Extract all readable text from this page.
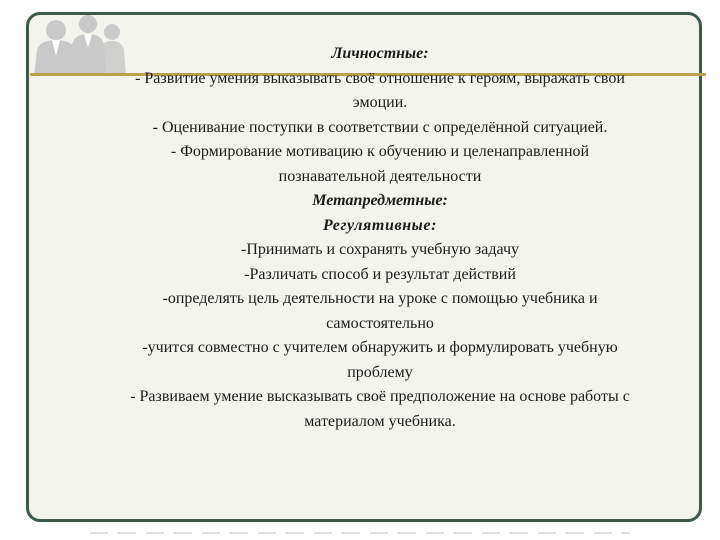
Личностные:
- Развитие умения выказывать своё отношение к героям, выражать свои
эмоции.
- Оценивание поступки в соответствии с определённой ситуацией.
- Формирование мотивацию к обучению и целенаправленной
познавательной деятельности
Метапредметные:
Регулятивные:
-Принимать и сохранять учебную задачу
-Различать способ и результат действий
-определять цель деятельности на уроке с помощью учебника и
самостоятельно
-учится совместно с учителем обнаружить и формулировать учебную
проблему
- Развиваем умение высказывать своё предположение на основе работы с
материалом учебника.
